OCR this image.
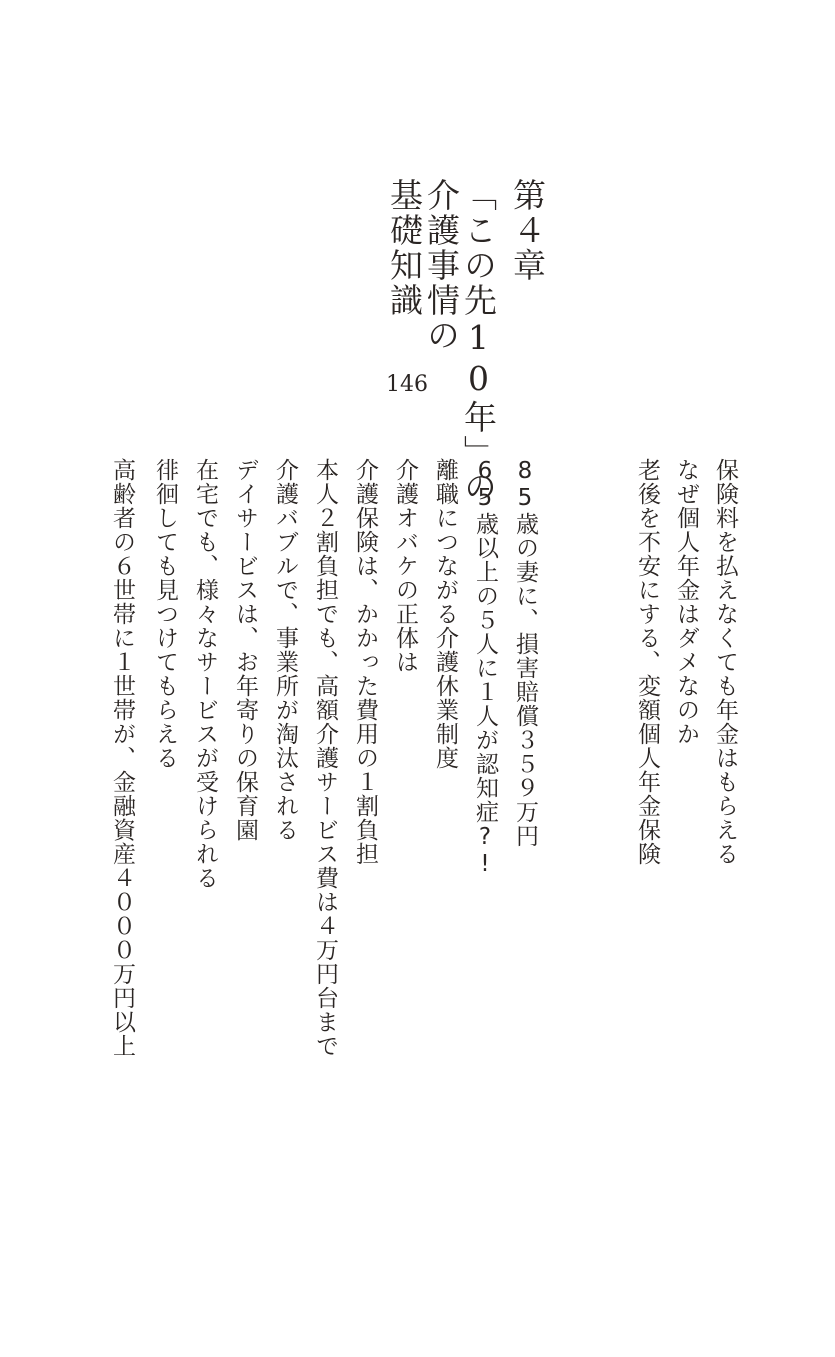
第４章
「この先10年」の
介護事情の
基礎知識
146
保険料を払えなくても年金はもらえる
なぜ個人年金はダメなのか
老後を不安にする、変額個人年金保険
85歳の妻に、損害賠償３５９万円
65歳以上の５人に１人が認知症?!
離職につながる介護休業制度
介護オバケの正体は
介護保険は、かかった費用の１割負担
本人２割負担でも、高額介護サービス費は４万円台まで
介護バブルで、事業所が淘汰される
デイサービスは、お年寄りの保育園
在宅でも、様々なサービスが受けられる
徘徊しても見つけてもらえる
高齢者の６世帯に１世帯が、金融資産４０００万円以上
